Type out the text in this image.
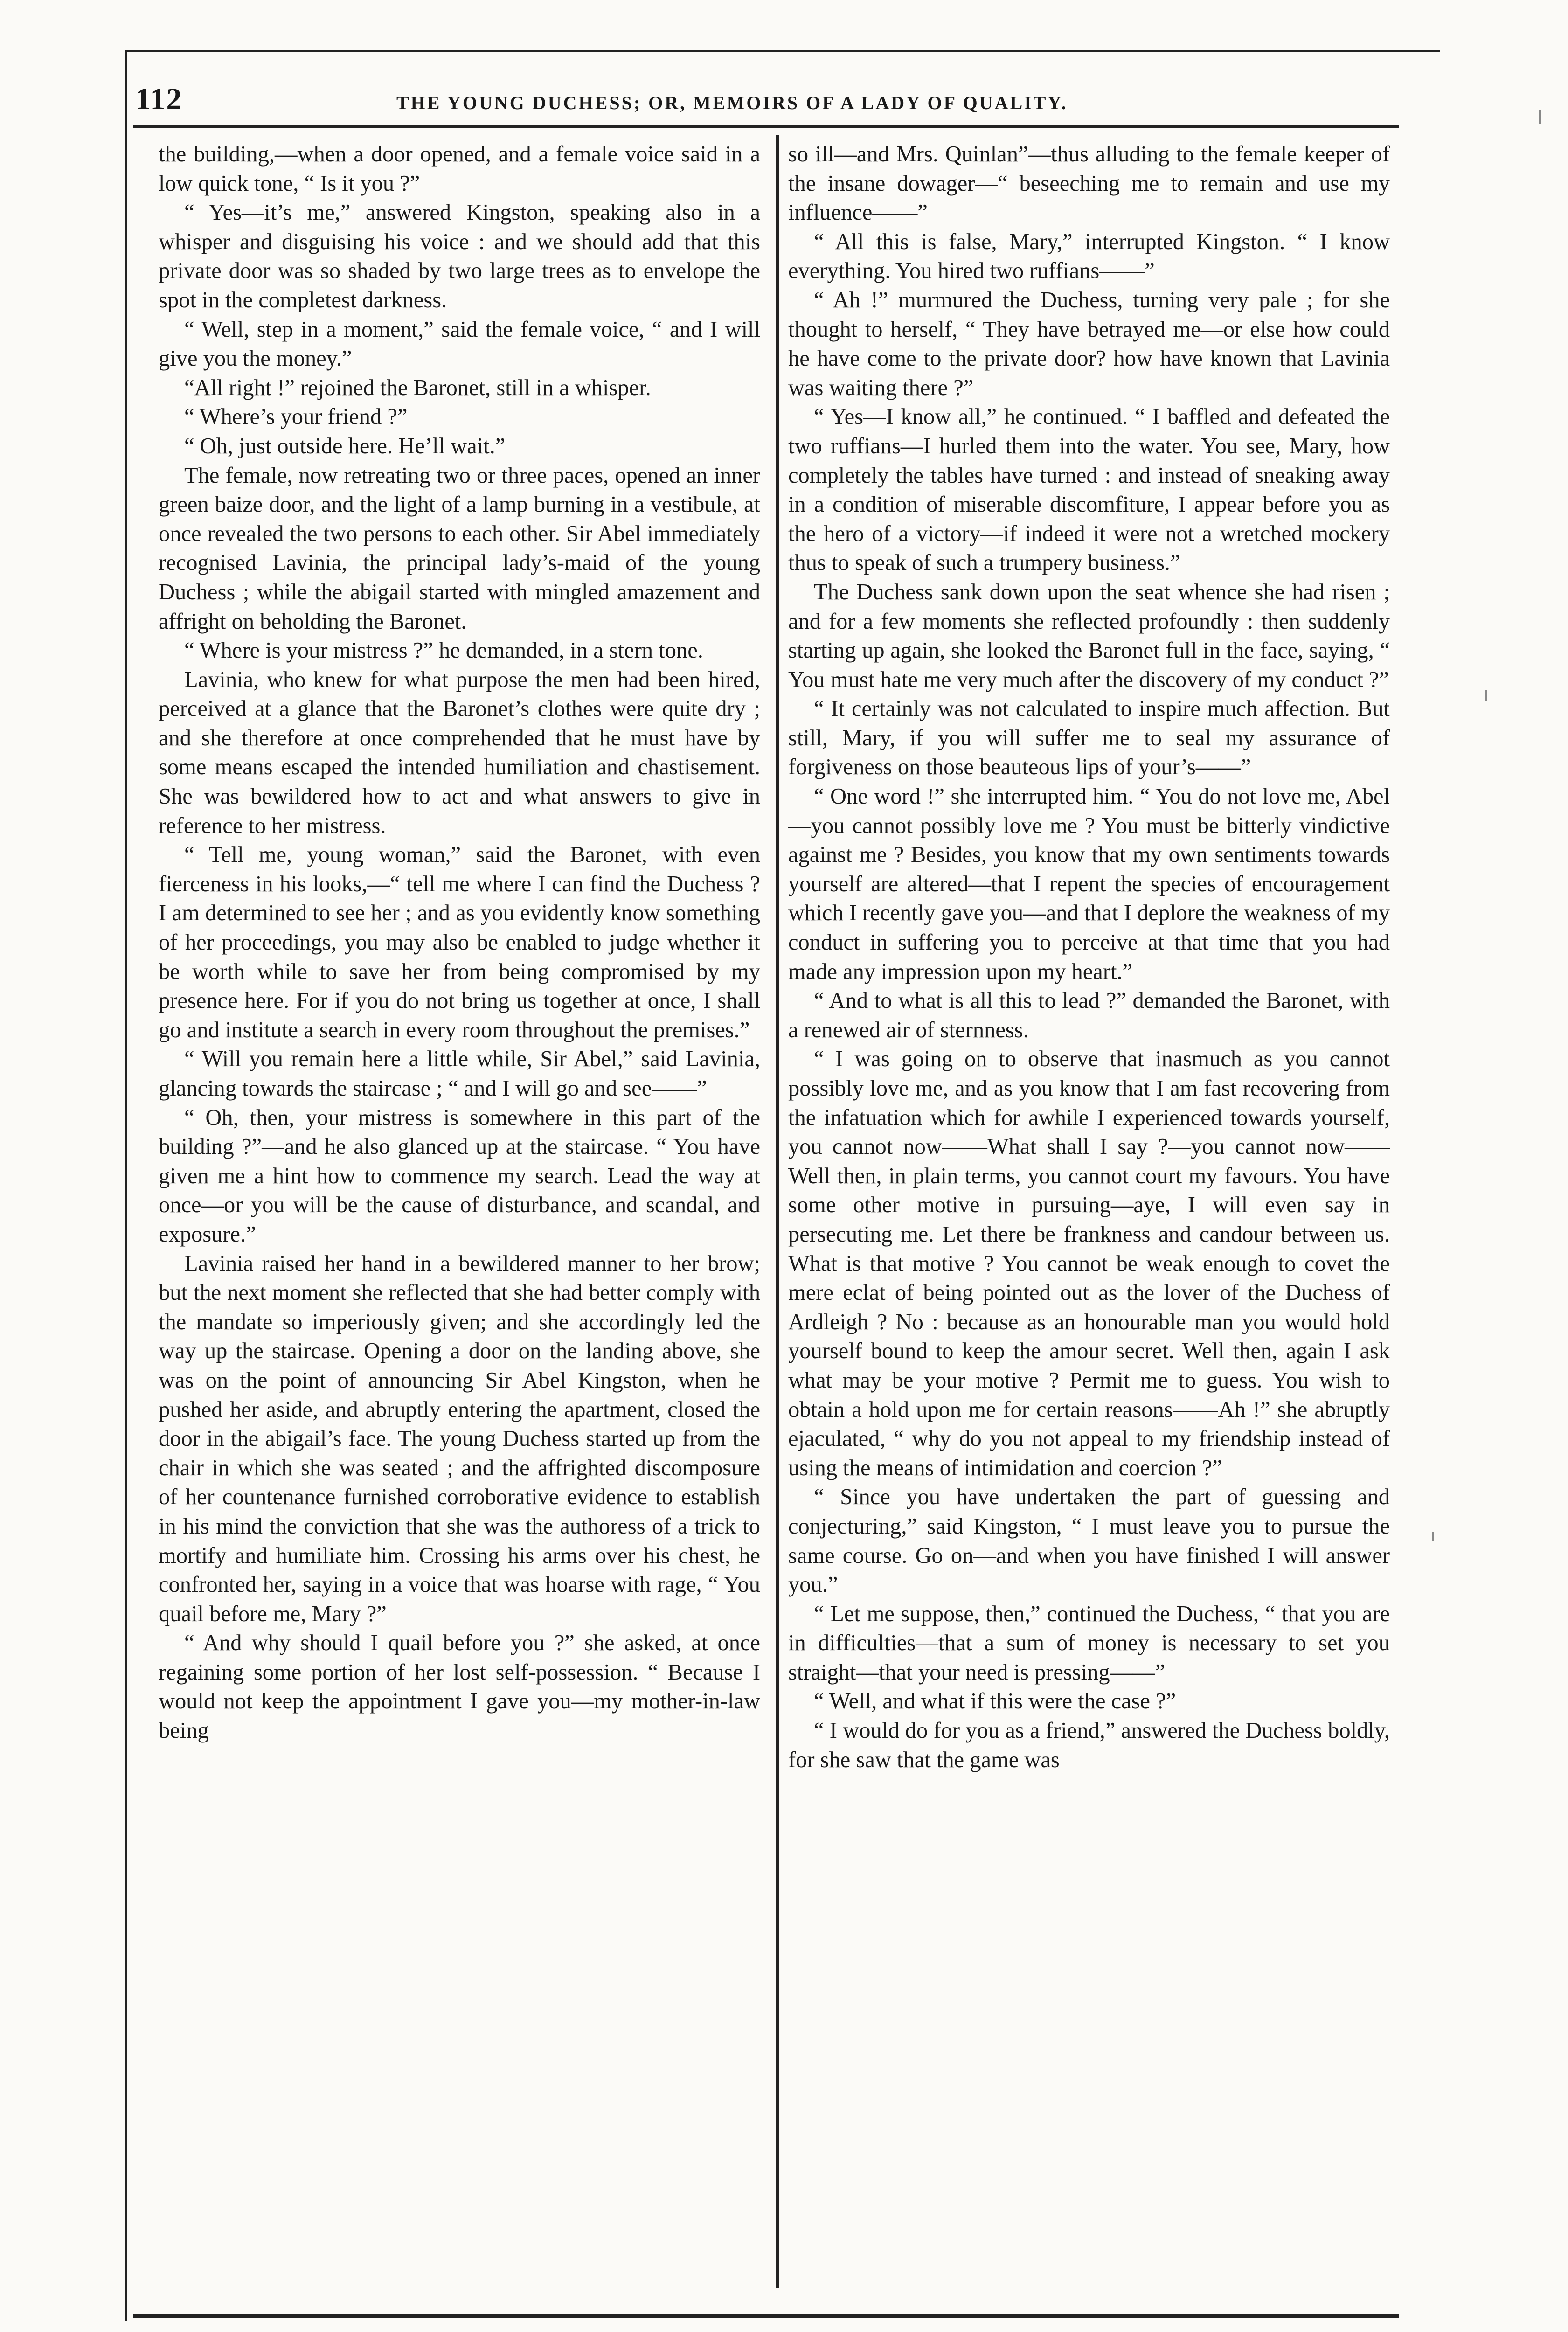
112	THE YOUNG DUCHESS; OR, MEMOIRS OF A LADY OF QUALITY.

the building,—when a door opened, and a female voice said in a low quick tone, “ Is it you ?”

“ Yes—it’s me,” answered Kingston, speaking also in a whisper and disguising his voice : and we should add that this private door was so shaded by two large trees as to envelope the spot in the completest darkness.

“ Well, step in a moment,” said the female voice, “ and I will give you the money.”

“All right !” rejoined the Baronet, still in a whisper.

“ Where’s your friend ?”

“ Oh, just outside here. He’ll wait.”

The female, now retreating two or three paces, opened an inner green baize door, and the light of a lamp burning in a vestibule, at once revealed the two persons to each other. Sir Abel immediately recognised Lavinia, the principal lady’s-maid of the young Duchess ; while the abigail started with mingled amazement and affright on beholding the Baronet.

“ Where is your mistress ?” he demanded, in a stern tone.

Lavinia, who knew for what purpose the men had been hired, perceived at a glance that the Baronet’s clothes were quite dry ; and she therefore at once comprehended that he must have by some means escaped the intended humiliation and chastisement. She was bewildered how to act and what answers to give in reference to her mistress.

“ Tell me, young woman,” said the Baronet, with even fierceness in his looks,—“ tell me where I can find the Duchess ? I am determined to see her ; and as you evidently know something of her proceedings, you may also be enabled to judge whether it be worth while to save her from being compromised by my presence here. For if you do not bring us together at once, I shall go and institute a search in every room throughout the premises.”

“ Will you remain here a little while, Sir Abel,” said Lavinia, glancing towards the staircase ; “ and I will go and see——”

“ Oh, then, your mistress is somewhere in this part of the building ?”—and he also glanced up at the staircase. “ You have given me a hint how to commence my search. Lead the way at once—or you will be the cause of disturbance, and scandal, and exposure.”

Lavinia raised her hand in a bewildered manner to her brow; but the next moment she reflected that she had better comply with the mandate so imperiously given; and she accordingly led the way up the staircase. Opening a door on the landing above, she was on the point of announcing Sir Abel Kingston, when he pushed her aside, and abruptly entering the apartment, closed the door in the abigail’s face. The young Duchess started up from the chair in which she was seated ; and the affrighted discomposure of her countenance furnished corroborative evidence to establish in his mind the conviction that she was the authoress of a trick to mortify and humiliate him. Crossing his arms over his chest, he confronted her, saying in a voice that was hoarse with rage, “ You quail before me, Mary ?”

“ And why should I quail before you ?” she asked, at once regaining some portion of her lost self-possession. “ Because I would not keep the appointment I gave you—my mother-in-law being

so ill—and Mrs. Quinlan”—thus alluding to the female keeper of the insane dowager—“ beseeching me to remain and use my influence——”

“ All this is false, Mary,” interrupted Kingston. “ I know everything. You hired two ruffians——”

“ Ah !” murmured the Duchess, turning very pale ; for she thought to herself, “ They have betrayed me—or else how could he have come to the private door? how have known that Lavinia was waiting there ?”

“ Yes—I know all,” he continued. “ I baffled and defeated the two ruffians—I hurled them into the water. You see, Mary, how completely the tables have turned : and instead of sneaking away in a condition of miserable discomfiture, I appear before you as the hero of a victory—if indeed it were not a wretched mockery thus to speak of such a trumpery business.”

The Duchess sank down upon the seat whence she had risen ; and for a few moments she reflected profoundly : then suddenly starting up again, she looked the Baronet full in the face, saying, “ You must hate me very much after the discovery of my conduct ?”

“ It certainly was not calculated to inspire much affection. But still, Mary, if you will suffer me to seal my assurance of forgiveness on those beauteous lips of your’s——”

“ One word !” she interrupted him. “ You do not love me, Abel—you cannot possibly love me ? You must be bitterly vindictive against me ? Besides, you know that my own sentiments towards yourself are altered—that I repent the species of encouragement which I recently gave you—and that I deplore the weakness of my conduct in suffering you to perceive at that time that you had made any impression upon my heart.”

“ And to what is all this to lead ?” demanded the Baronet, with a renewed air of sternness.

“ I was going on to observe that inasmuch as you cannot possibly love me, and as you know that I am fast recovering from the infatuation which for awhile I experienced towards yourself, you cannot now——What shall I say ?—you cannot now——Well then, in plain terms, you cannot court my favours. You have some other motive in pursuing—aye, I will even say in persecuting me. Let there be frankness and candour between us. What is that motive ? You cannot be weak enough to covet the mere eclat of being pointed out as the lover of the Duchess of Ardleigh ? No : because as an honourable man you would hold yourself bound to keep the amour secret. Well then, again I ask what may be your motive ? Permit me to guess. You wish to obtain a hold upon me for certain reasons——Ah !” she abruptly ejaculated, “ why do you not appeal to my friendship instead of using the means of intimidation and coercion ?”

“ Since you have undertaken the part of guessing and conjecturing,” said Kingston, “ I must leave you to pursue the same course. Go on—and when you have finished I will answer you.”

“ Let me suppose, then,” continued the Duchess, “ that you are in difficulties—that a sum of money is necessary to set you straight—that your need is pressing——”

“ Well, and what if this were the case ?”

“ I would do for you as a friend,” answered the Duchess boldly, for she saw that the game was
